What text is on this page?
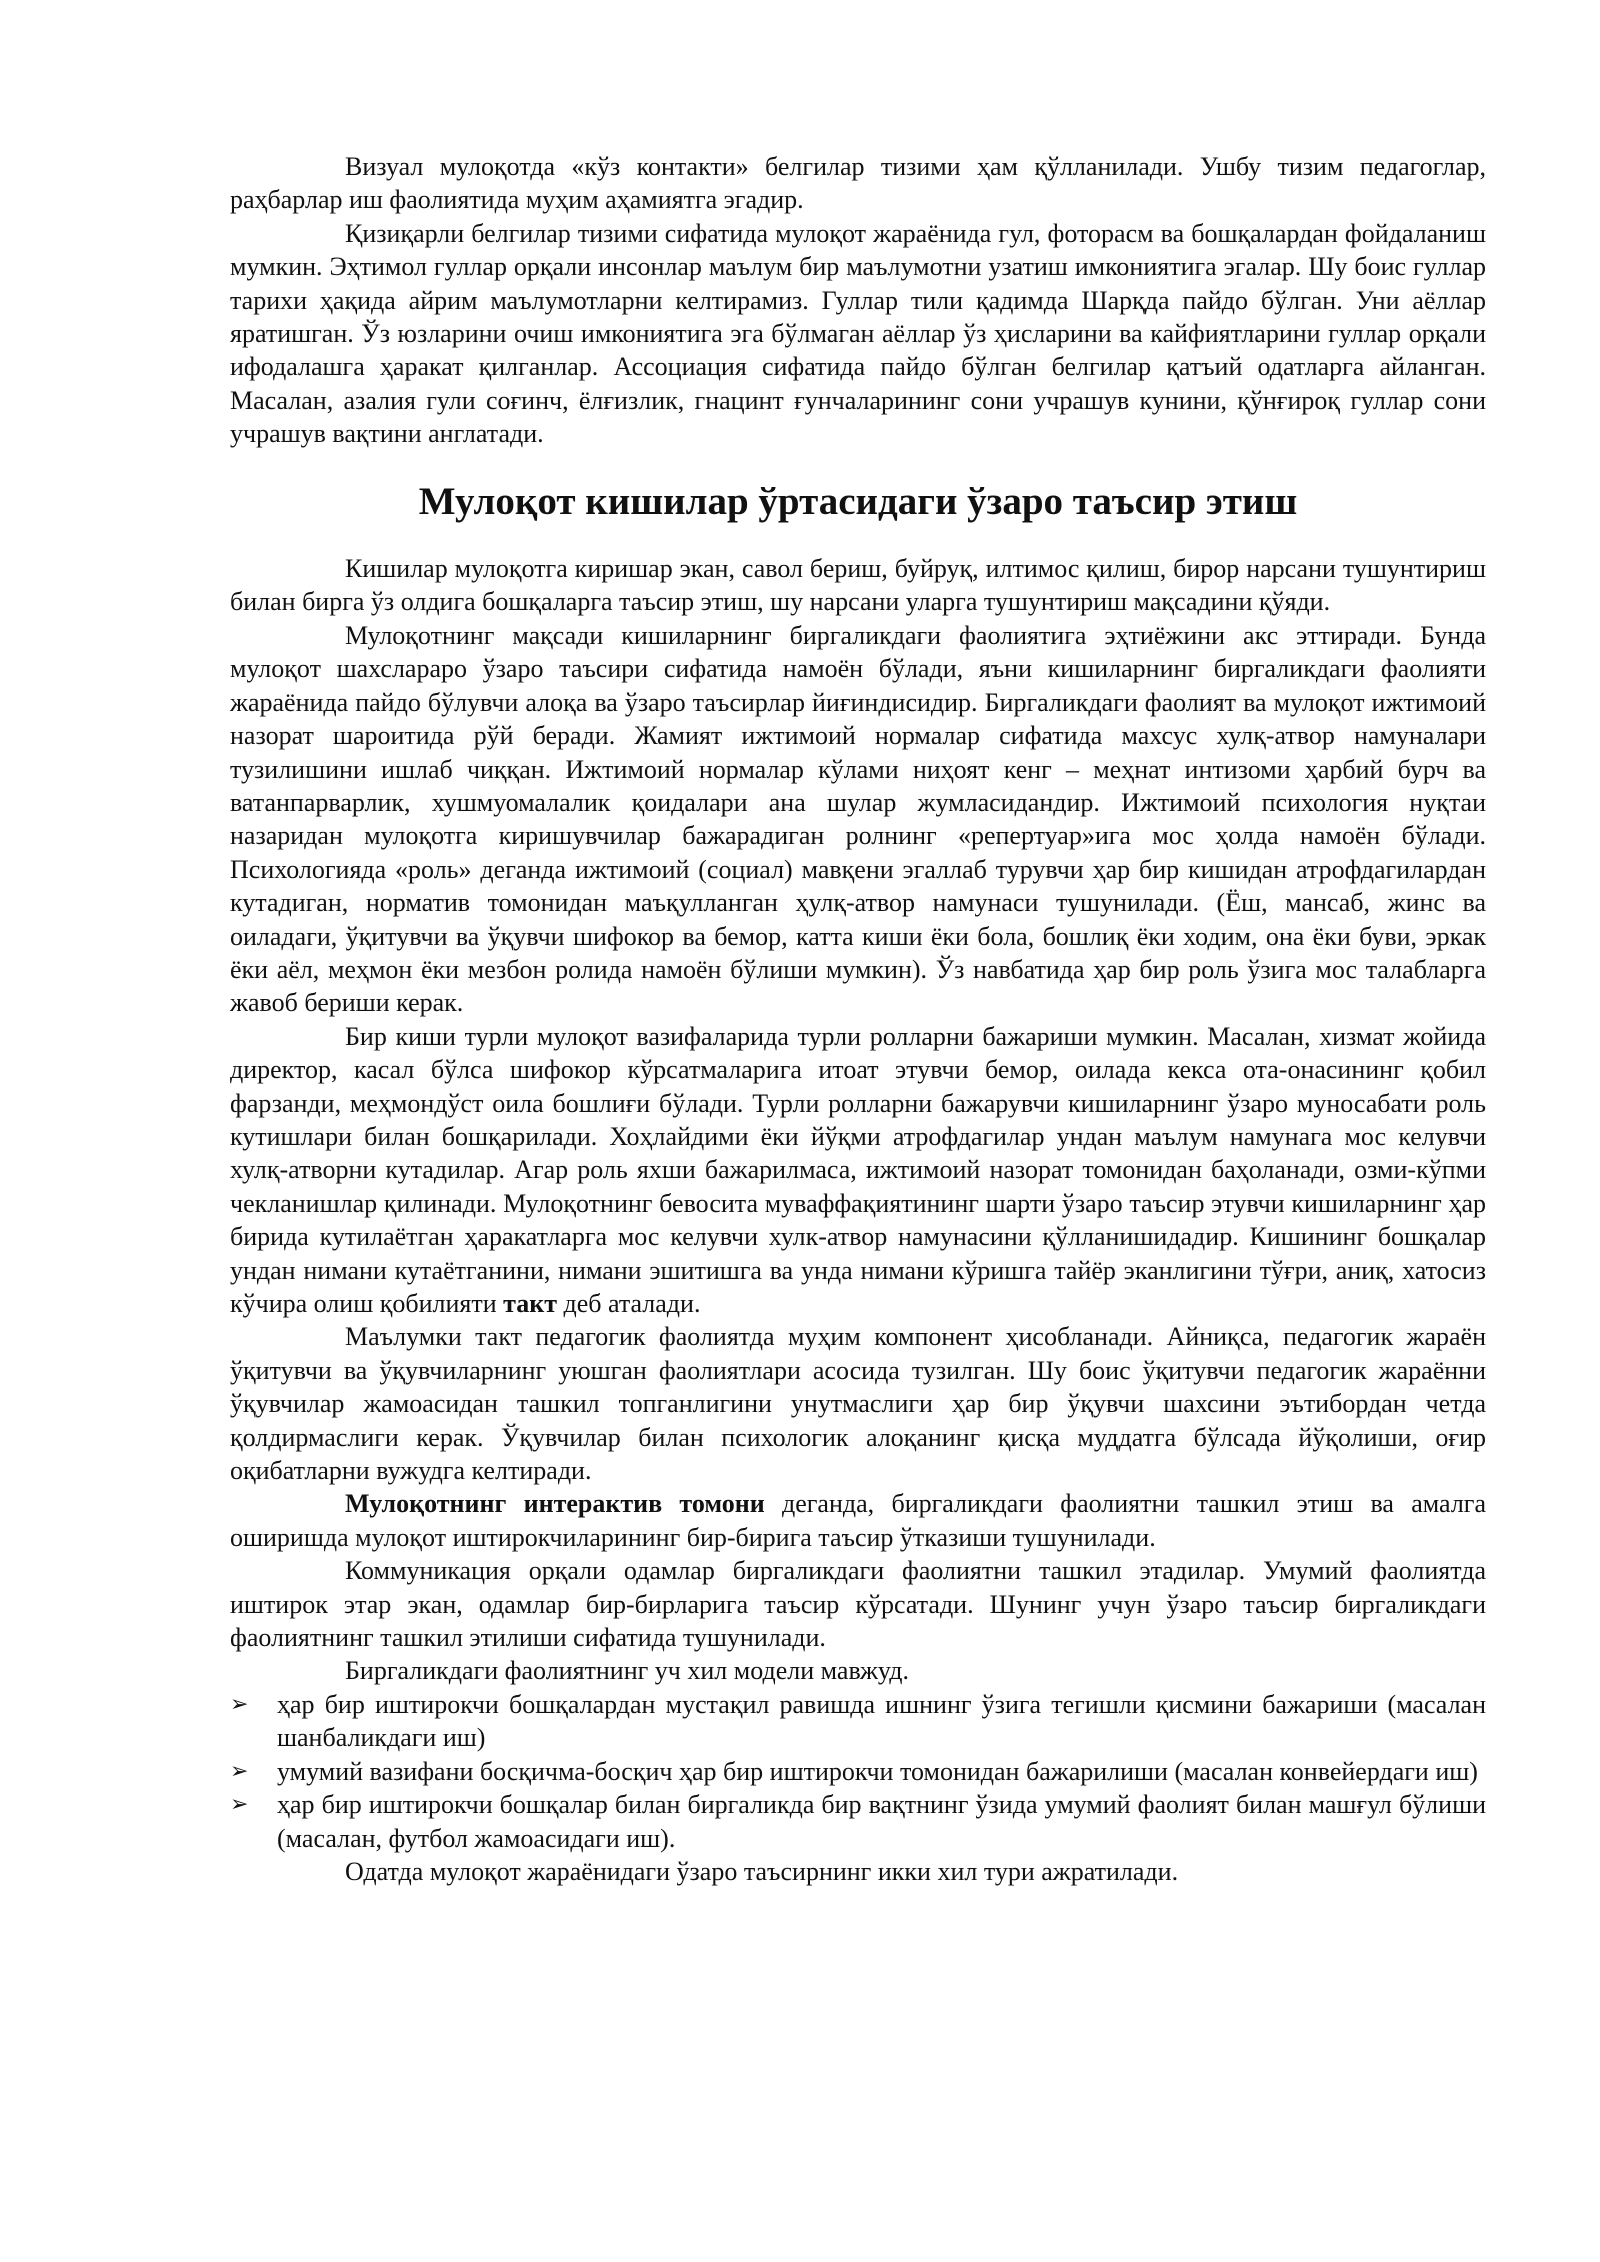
Визуал мулоқотда «кўз контакти» белгилар тизими ҳам қўлланилади. Ушбу тизим педагоглар, раҳбарлар иш фаолиятида муҳим аҳамиятга эгадир.

Қизиқарли белгилар тизими сифатида мулоқот жараёнида гул, фоторасм ва бошқалардан фойдаланиш мумкин. Эҳтимол гуллар орқали инсонлар маълум бир маълумотни узатиш имкониятига эгалар. Шу боис гуллар тарихи ҳақида айрим маълумотларни келтирамиз. Гуллар тили қадимда Шарқда пайдо бўлган. Уни аёллар яратишган. Ўз юзларини очиш имкониятига эга бўлмаган аёллар ўз ҳисларини ва кайфиятларини гуллар орқали ифодалашга ҳаракат қилганлар. Ассоциация сифатида пайдо бўлган белгилар қатъий одатларга айланган. Масалан, азалия гули соғинч, ёлғизлик, гнацинт ғунчаларининг сони учрашув кунини, қўнғироқ гуллар сони учрашув вақтини англатади.

Мулоқот кишилар ўртасидаги ўзаро таъсир этиш

Кишилар мулоқотга киришар экан, савол бериш, буйруқ, илтимос қилиш, бирор нарсани тушунтириш билан бирга ўз олдига бошқаларга таъсир этиш, шу нарсани уларга тушунтириш мақсадини қўяди.

Мулоқотнинг мақсади кишиларнинг биргаликдаги фаолиятига эҳтиёжини акс эттиради. Бунда мулоқот шахслараро ўзаро таъсири сифатида намоён бўлади, яъни кишиларнинг биргаликдаги фаолияти жараёнида пайдо бўлувчи алоқа ва ўзаро таъсирлар йиғиндисидир. Биргаликдаги фаолият ва мулоқот ижтимоий назорат шароитида рўй беради. Жамият ижтимоий нормалар сифатида махсус хулқ-атвор намуналари тузилишини ишлаб чиққан. Ижтимоий нормалар кўлами ниҳоят кенг – меҳнат интизоми ҳарбий бурч ва ватанпарварлик, хушмуомалалик қоидалари ана шулар жумласидандир. Ижтимоий психология нуқтаи назаридан мулоқотга киришувчилар бажарадиган ролнинг «репертуар»ига мос ҳолда намоён бўлади. Психологияда «роль» деганда ижтимоий (социал) мавқени эгаллаб турувчи ҳар бир кишидан атрофдагилардан кутадиган, норматив томонидан маъқулланган ҳулқ-атвор намунаси тушунилади. (Ёш, мансаб, жинс ва оиладаги, ўқитувчи ва ўқувчи шифокор ва бемор, катта киши ёки бола, бошлиқ ёки ходим, она ёки буви, эркак ёки аёл, меҳмон ёки мезбон ролида намоён бўлиши мумкин). Ўз навбатида ҳар бир роль ўзига мос талабларга жавоб бериши керак.

Бир киши турли мулоқот вазифаларида турли ролларни бажариши мумкин. Масалан, хизмат жойида директор, касал бўлса шифокор кўрсатмаларига итоат этувчи бемор, оилада кекса ота-онасининг қобил фарзанди, меҳмондўст оила бошлиғи бўлади. Турли ролларни бажарувчи кишиларнинг ўзаро муносабати роль кутишлари билан бошқарилади. Хоҳлайдими ёки йўқми атрофдагилар ундан маълум намунага мос келувчи хулқ-атворни кутадилар. Агар роль яхши бажарилмаса, ижтимоий назорат томонидан баҳоланади, озми-кўпми чекланишлар қилинади. Мулоқотнинг бевосита муваффақиятининг шарти ўзаро таъсир этувчи кишиларнинг ҳар бирида кутилаётган ҳаракатларга мос келувчи хулк-атвор намунасини қўлланишидадир. Кишининг бошқалар ундан нимани кутаётганини, нимани эшитишга ва унда нимани кўришга тайёр эканлигини тўғри, аниқ, хатосиз кўчира олиш қобилияти такт деб аталади.

Маълумки такт педагогик фаолиятда муҳим компонент ҳисобланади. Айниқса, педагогик жараён ўқитувчи ва ўқувчиларнинг уюшган фаолиятлари асосида тузилган. Шу боис ўқитувчи педагогик жараённи ўқувчилар жамоасидан ташкил топганлигини унутмаслиги ҳар бир ўқувчи шахсини эътибордан четда қолдирмаслиги керак. Ўқувчилар билан психологик алоқанинг қисқа муддатга бўлсада йўқолиши, оғир оқибатларни вужудга келтиради.

Мулоқотнинг интерактив томони деганда, биргаликдаги фаолиятни ташкил этиш ва амалга оширишда мулоқот иштирокчиларининг бир-бирига таъсир ўтказиши тушунилади.

Коммуникация орқали одамлар биргаликдаги фаолиятни ташкил этадилар. Умумий фаолиятда иштирок этар экан, одамлар бир-бирларига таъсир кўрсатади. Шунинг учун ўзаро таъсир биргаликдаги фаолиятнинг ташкил этилиши сифатида тушунилади.

Биргаликдаги фаолиятнинг уч хил модели мавжуд.

➢ ҳар бир иштирокчи бошқалардан мустақил равишда ишнинг ўзига тегишли қисмини бажариши (масалан шанбаликдаги иш)
➢ умумий вазифани босқичма-босқич ҳар бир иштирокчи томонидан бажарилиши (масалан конвейердаги иш)
➢ ҳар бир иштирокчи бошқалар билан биргаликда бир вақтнинг ўзида умумий фаолият билан машғул бўлиши (масалан, футбол жамоасидаги иш).

Одатда мулоқот жараёнидаги ўзаро таъсирнинг икки хил тури ажратилади.
